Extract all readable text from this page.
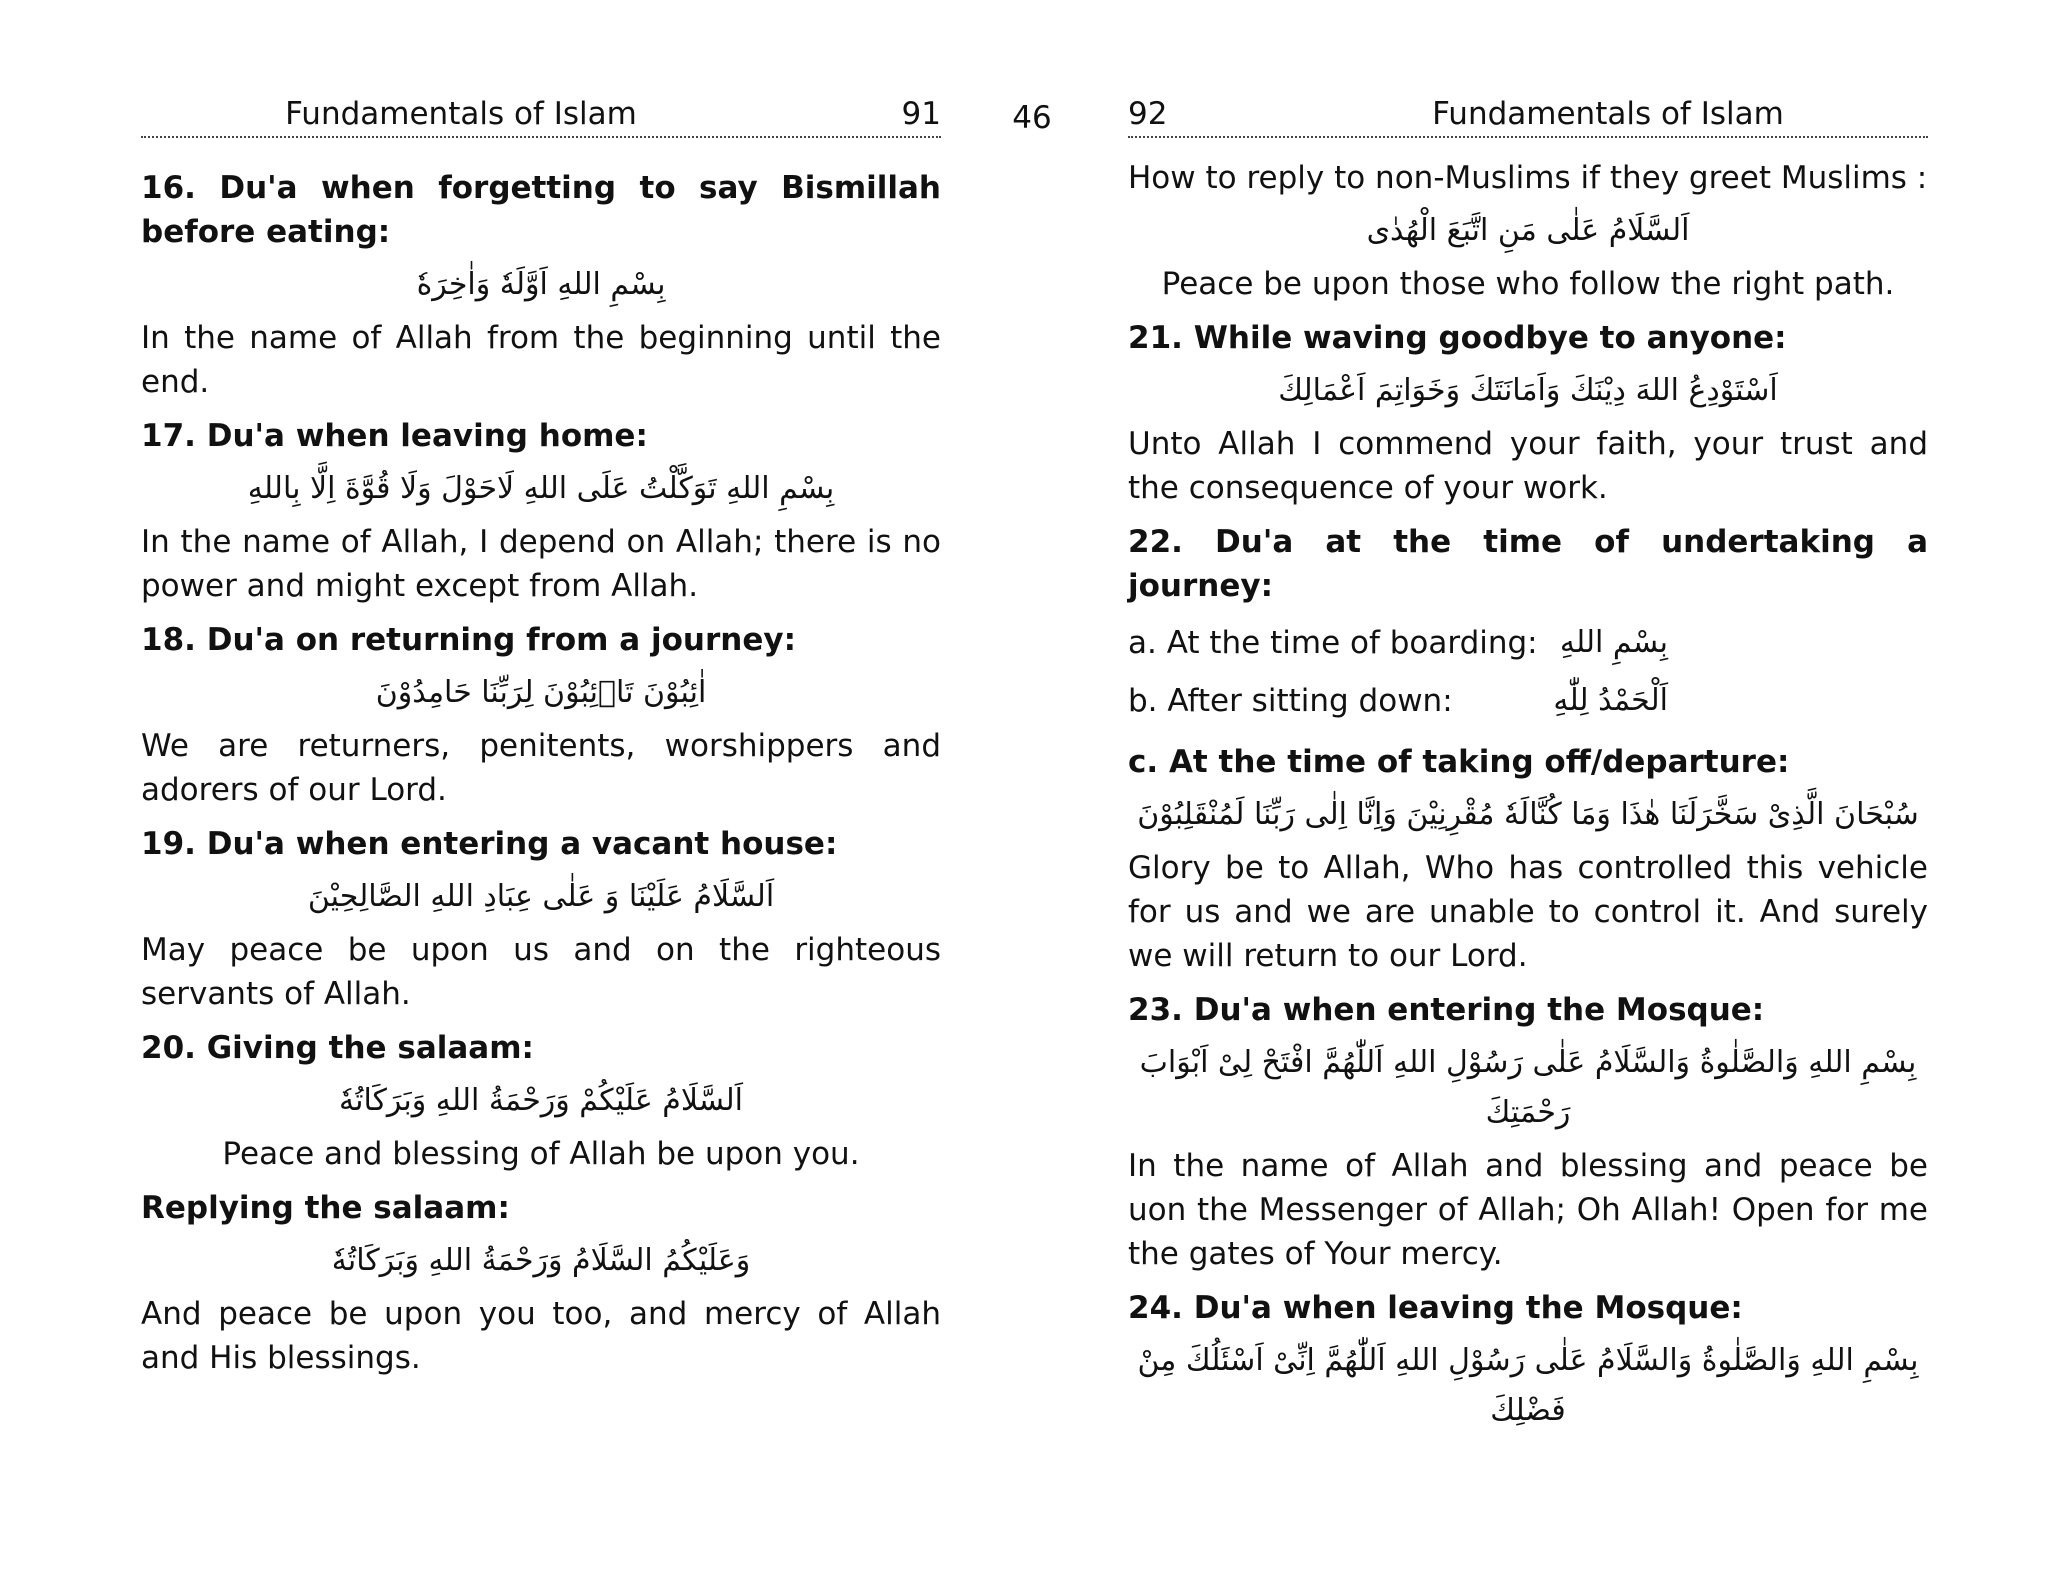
Fundamentals of Islam	91
16. Du'a when forgetting to say Bismillah before eating:
بِسْمِ اللهِ اَوَّلَهٗ وَاٰخِرَهٗ

In the name of Allah from the beginning until the end.

17. Du'a when leaving home:
بِسْمِ اللهِ تَوَكَّلْتُ عَلَى اللهِ لَاحَوْلَ وَلَا قُوَّةَ اِلَّا بِاللهِ

In the name of Allah, I depend on Allah; there is no power and might except from Allah.

18. Du'a on returning from a journey:
اٰئِبُوْنَ تَاۤئِبُوْنَ لِرَبِّنَا حَامِدُوْنَ

We are returners, penitents, worshippers and adorers of our Lord.

19. Du'a when entering a vacant house:
اَلسَّلَامُ عَلَيْنَا وَ عَلٰى عِبَادِ اللهِ الصَّالِحِيْنَ

May peace be upon us and on the righteous servants of Allah.

20. Giving the salaam:
اَلسَّلَامُ عَلَيْكُمْ وَرَحْمَةُ اللهِ وَبَرَكَاتُهٗ

Peace and blessing of Allah be upon you.

Replying the salaam:
وَعَلَيْكُمُ السَّلَامُ وَرَحْمَةُ اللهِ وَبَرَكَاتُهٗ

And peace be upon you too, and mercy of Allah and His blessings.

46	92	Fundamentals of Islam

How to reply to non-Muslims if they greet Muslims :

اَلسَّلَامُ عَلٰى مَنِ اتَّبَعَ الْهُدٰى

Peace be upon those who follow the right path.

21. While waving goodbye to anyone:
اَسْتَوْدِعُ اللهَ دِيْنَكَ وَاَمَانَتَكَ وَخَوَاتِمَ اَعْمَالِكَ

Unto Allah I commend your faith, your trust and the consequence of your work.

22. Du'a at the time of undertaking a journey:
a. At the time of boarding: بِسْمِ اللهِ
b. After sitting down:	اَلْحَمْدُ لِلّٰهِ
c. At the time of taking off/departure:
سُبْحَانَ الَّذِىْ سَخَّرَلَنَا هٰذَا وَمَا كُنَّالَهٗ مُقْرِنِيْنَ وَاِنَّا اِلٰى رَبِّنَا لَمُنْقَلِبُوْنَ

Glory be to Allah, Who has controlled this vehicle for us and we are unable to control it. And surely we will return to our Lord.

23. Du'a when entering the Mosque:
بِسْمِ اللهِ وَالصَّلٰوةُ وَالسَّلَامُ عَلٰى رَسُوْلِ اللهِ اَللّٰهُمَّ افْتَحْ لِىْ اَبْوَابَ رَحْمَتِكَ

In the name of Allah and blessing and peace be uon the Messenger of Allah; Oh Allah! Open for me the gates of Your mercy.

24. Du'a when leaving the Mosque:
بِسْمِ اللهِ وَالصَّلٰوةُ وَالسَّلَامُ عَلٰى رَسُوْلِ اللهِ اَللّٰهُمَّ اِنِّىْ اَسْئَلُكَ مِنْ فَضْلِكَ
